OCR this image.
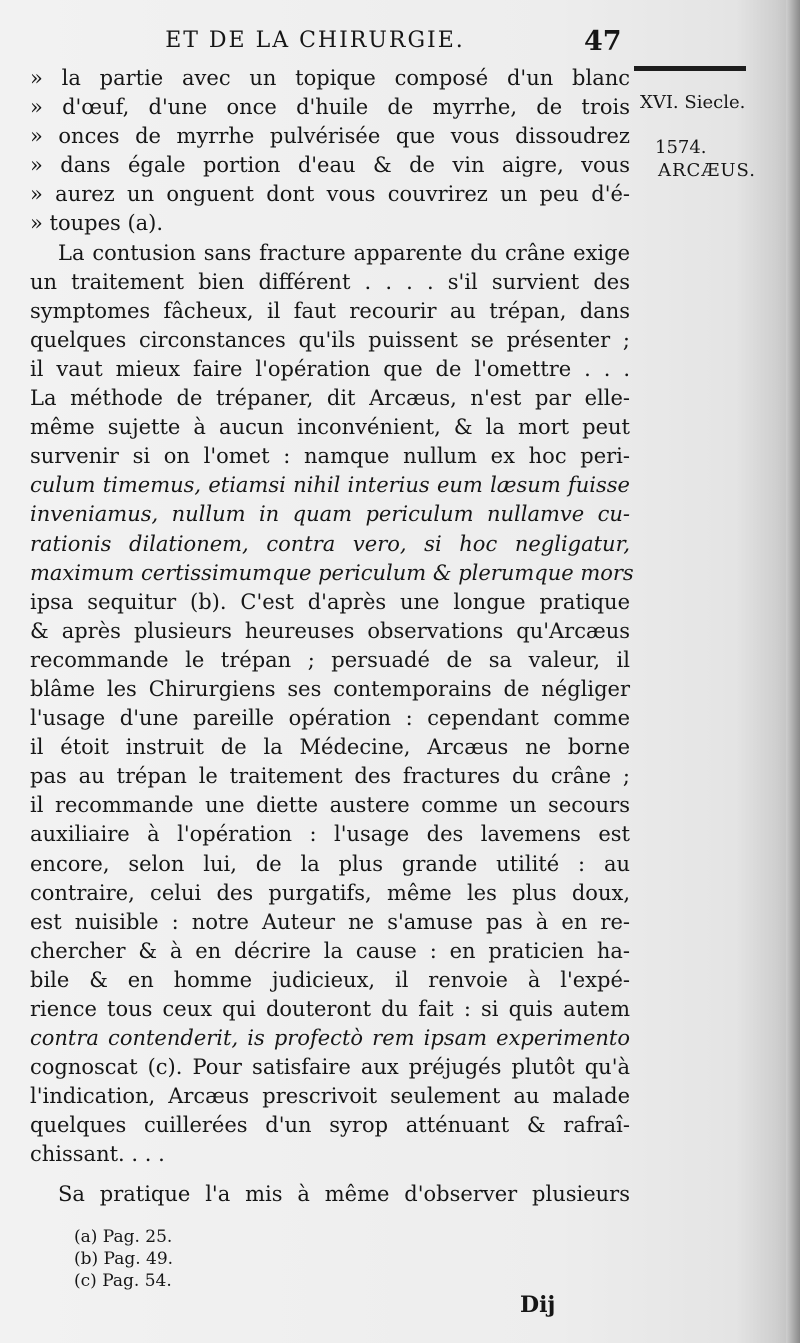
ET DE LA CHIRURGIE.	47
XVI. Siecle.
1574.
ARCÆUS.
» la partie avec un topique composé d'un blanc
» d'œuf, d'une once d'huile de myrrhe, de trois
» onces de myrrhe pulvérisée que vous dissoudrez
» dans égale portion d'eau & de vin aigre, vous
» aurez un onguent dont vous couvrirez un peu d'é-
» toupes (a).
La contusion sans fracture apparente du crâne exige
un traitement bien différent . . . . s'il survient des
symptomes fâcheux, il faut recourir au trépan, dans
quelques circonstances qu'ils puissent se présenter ;
il vaut mieux faire l'opération que de l'omettre . . .
La méthode de trépaner, dit Arcæus, n'est par elle-
même sujette à aucun inconvénient, & la mort peut
survenir si on l'omet : namque nullum ex hoc peri-
culum timemus, etiamsi nihil interius eum læsum fuisse
inveniamus, nullum in quam periculum nullamve cu-
rationis dilationem, contra vero, si hoc negligatur,
maximum certissimumque periculum & plerumque mors
ipsa sequitur (b). C'est d'après une longue pratique
& après plusieurs heureuses observations qu'Arcæus
recommande le trépan ; persuadé de sa valeur, il
blâme les Chirurgiens ses contemporains de négliger
l'usage d'une pareille opération : cependant comme
il étoit instruit de la Médecine, Arcæus ne borne
pas au trépan le traitement des fractures du crâne ;
il recommande une diette austere comme un secours
auxiliaire à l'opération : l'usage des lavemens est
encore, selon lui, de la plus grande utilité : au
contraire, celui des purgatifs, même les plus doux,
est nuisible : notre Auteur ne s'amuse pas à en re-
chercher & à en décrire la cause : en praticien ha-
bile & en homme judicieux, il renvoie à l'expé-
rience tous ceux qui douteront du fait : si quis autem
contra contenderit, is profectò rem ipsam experimento
cognoscat (c). Pour satisfaire aux préjugés plutôt qu'à
l'indication, Arcæus prescrivoit seulement au malade
quelques cuillerées d'un syrop atténuant & rafraî-
chissant. . . .
Sa pratique l'a mis à même d'observer plusieurs
(a) Pag. 25.
(b) Pag. 49.
(c) Pag. 54.
Dij
